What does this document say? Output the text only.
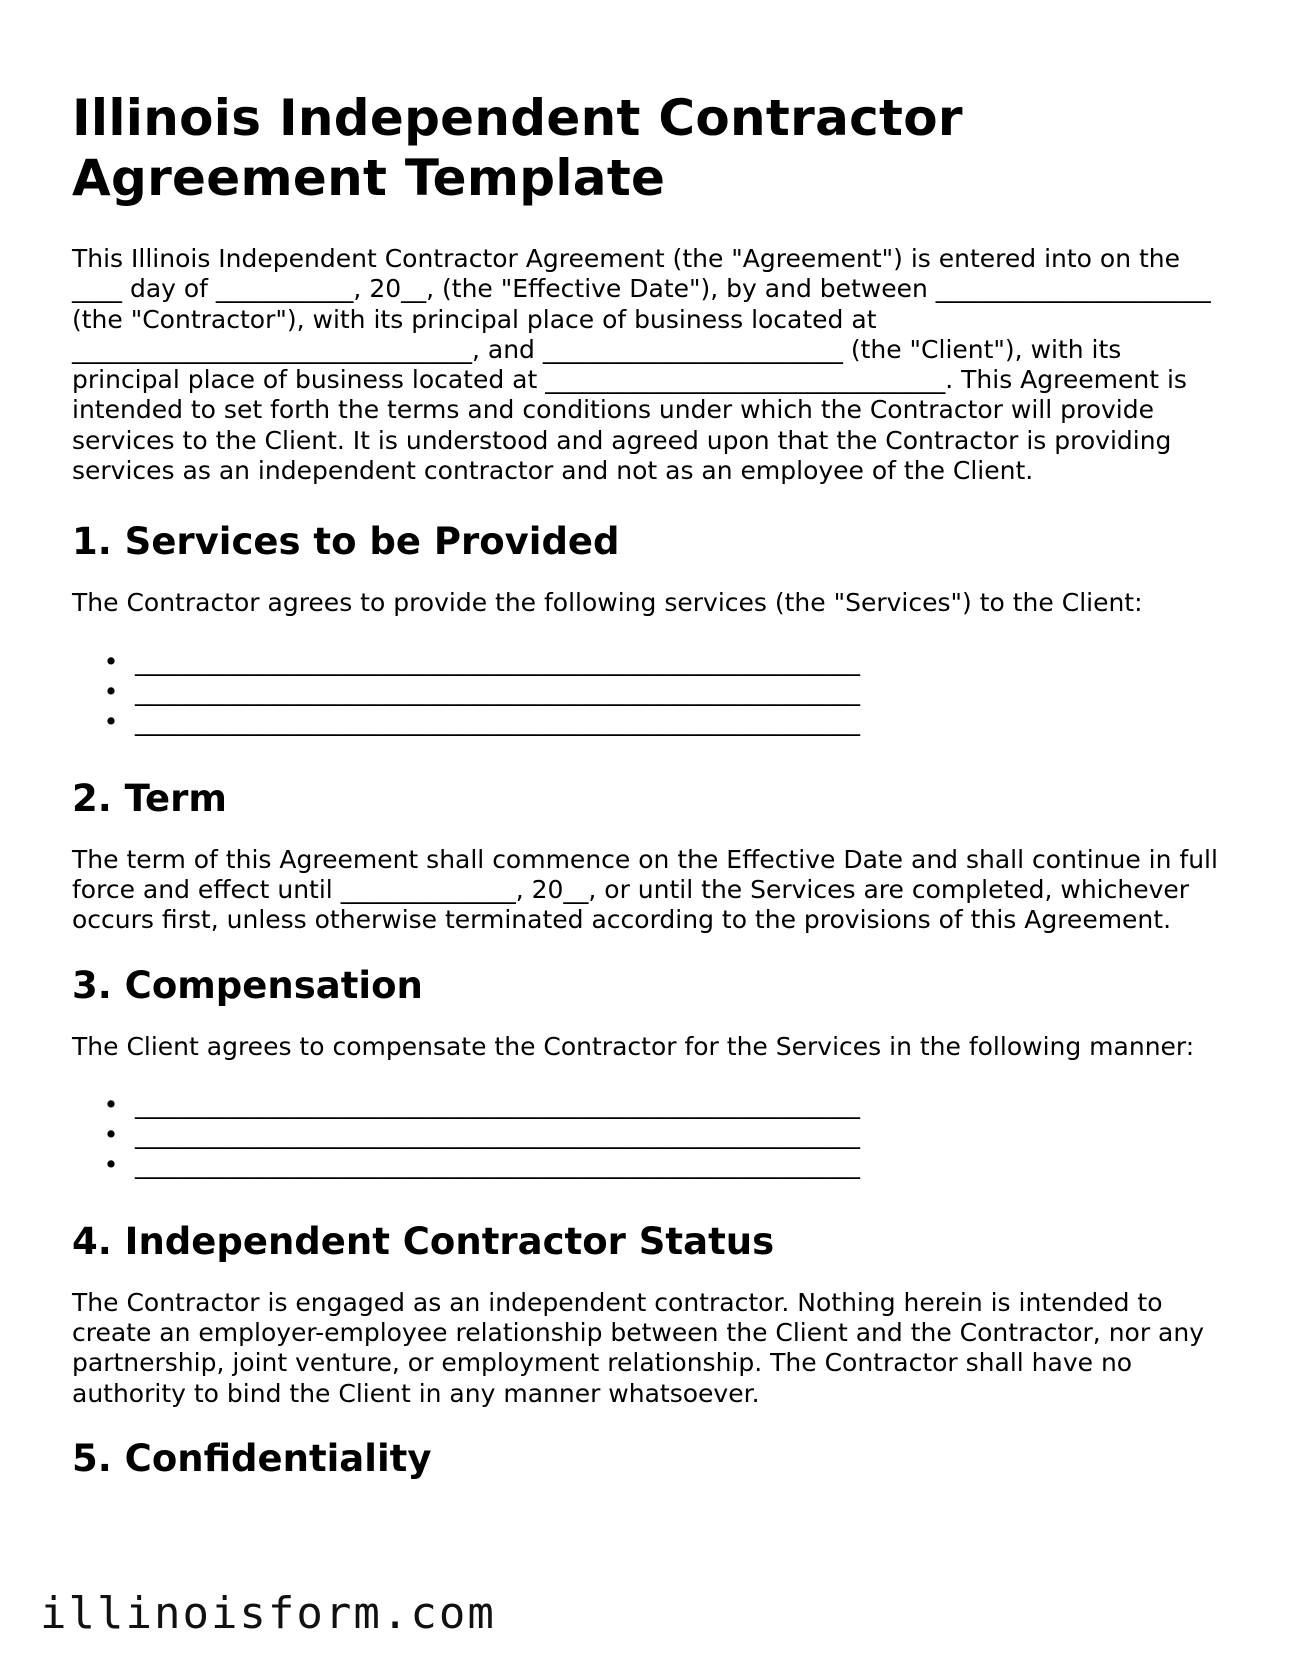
Illinois Independent Contractor Agreement Template

This Illinois Independent Contractor Agreement (the "Agreement") is entered into on the ____ day of ___________, 20__, (the "Effective Date"), by and between ______________________ (the "Contractor"), with its principal place of business located at ________________________________, and ________________________ (the "Client"), with its principal place of business located at ________________________________. This Agreement is intended to set forth the terms and conditions under which the Contractor will provide services to the Client. It is understood and agreed upon that the Contractor is providing services as an independent contractor and not as an employee of the Client.

1. Services to be Provided

The Contractor agrees to provide the following services (the "Services") to the Client:

• __________________________________________________________
• __________________________________________________________
• __________________________________________________________
2. Term

The term of this Agreement shall commence on the Effective Date and shall continue in full force and effect until ______________, 20__, or until the Services are completed, whichever occurs first, unless otherwise terminated according to the provisions of this Agreement.

3. Compensation

The Client agrees to compensate the Contractor for the Services in the following manner:

• __________________________________________________________
• __________________________________________________________
• __________________________________________________________
4. Independent Contractor Status

The Contractor is engaged as an independent contractor. Nothing herein is intended to create an employer-employee relationship between the Client and the Contractor, nor any partnership, joint venture, or employment relationship. The Contractor shall have no authority to bind the Client in any manner whatsoever.

5. Confidentiality
illinoisform.com
